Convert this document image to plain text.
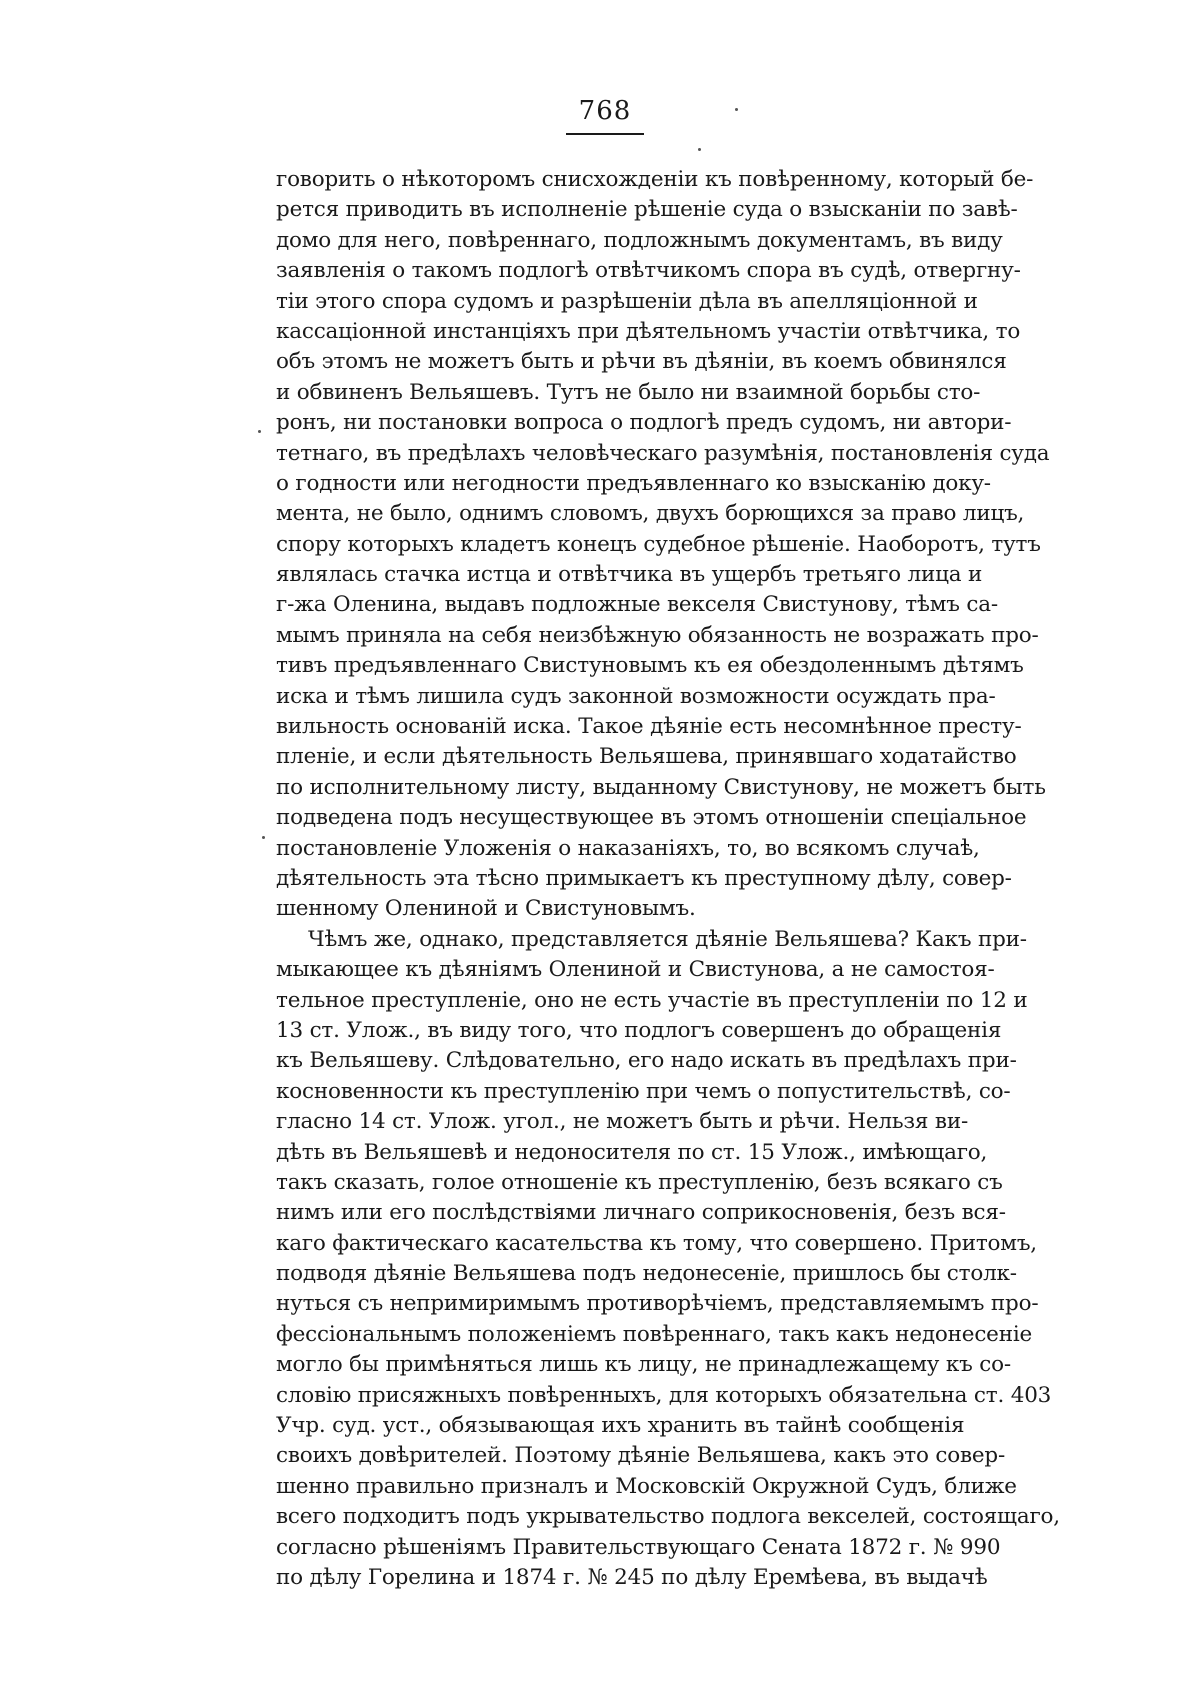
768
говорить о нѣкоторомъ снисхожденіи къ повѣренному, который бе-
рется приводить въ исполненіе рѣшеніе суда о взысканіи по завѣ-
домо для него, повѣреннаго, подложнымъ документамъ, въ виду
заявленія о такомъ подлогѣ отвѣтчикомъ спора въ судѣ, отвергну-
тіи этого спора судомъ и разрѣшеніи дѣла въ апелляціонной и
кассаціонной инстанціяхъ при дѣятельномъ участіи отвѣтчика, то
объ этомъ не можетъ быть и рѣчи въ дѣяніи, въ коемъ обвинялся
и обвиненъ Вельяшевъ. Тутъ не было ни взаимной борьбы сто-
ронъ, ни постановки вопроса о подлогѣ предъ судомъ, ни автори-
тетнаго, въ предѣлахъ человѣческаго разумѣнія, постановленія суда
о годности или негодности предъявленнаго ко взысканію доку-
мента, не было, однимъ словомъ, двухъ борющихся за право лицъ,
спору которыхъ кладетъ конецъ судебное рѣшеніе. Наоборотъ, тутъ
являлась стачка истца и отвѣтчика въ ущербъ третьяго лица и
г-жа Оленина, выдавъ подложные векселя Свистунову, тѣмъ са-
мымъ приняла на себя неизбѣжную обязанность не возражать про-
тивъ предъявленнаго Свистуновымъ къ ея обездоленнымъ дѣтямъ
иска и тѣмъ лишила судъ законной возможности осуждать пра-
вильность основаній иска. Такое дѣяніе есть несомнѣнное престу-
пленіе, и если дѣятельность Вельяшева, принявшаго ходатайство
по исполнительному листу, выданному Свистунову, не можетъ быть
подведена подъ несуществующее въ этомъ отношеніи спеціальное
постановленіе Уложенія о наказаніяхъ, то, во всякомъ случаѣ,
дѣятельность эта тѣсно примыкаетъ къ преступному дѣлу, совер-
шенному Олениной и Свистуновымъ.
Чѣмъ же, однако, представляется дѣяніе Вельяшева? Какъ при-
мыкающее къ дѣяніямъ Олениной и Свистунова, а не самостоя-
тельное преступленіе, оно не есть участіе въ преступленіи по 12 и
13 ст. Улож., въ виду того, что подлогъ совершенъ до обращенія
къ Вельяшеву. Слѣдовательно, его надо искать въ предѣлахъ при-
косновенности къ преступленію при чемъ о попустительствѣ, со-
гласно 14 ст. Улож. угол., не можетъ быть и рѣчи. Нельзя ви-
дѣть въ Вельяшевѣ и недоносителя по ст. 15 Улож., имѣющаго,
такъ сказать, голое отношеніе къ преступленію, безъ всякаго съ
нимъ или его послѣдствіями личнаго соприкосновенія, безъ вся-
каго фактическаго касательства къ тому, что совершено. Притомъ,
подводя дѣяніе Вельяшева подъ недонесеніе, пришлось бы столк-
нуться съ непримиримымъ противорѣчіемъ, представляемымъ про-
фессіональнымъ положеніемъ повѣреннаго, такъ какъ недонесеніе
могло бы примѣняться лишь къ лицу, не принадлежащему къ со-
словію присяжныхъ повѣренныхъ, для которыхъ обязательна ст. 403
Учр. суд. уст., обязывающая ихъ хранить въ тайнѣ сообщенія
своихъ довѣрителей. Поэтому дѣяніе Вельяшева, какъ это совер-
шенно правильно призналъ и Московскій Окружной Судъ, ближе
всего подходитъ подъ укрывательство подлога векселей, состоящаго,
согласно рѣшеніямъ Правительствующаго Сената 1872 г. № 990
по дѣлу Горелина и 1874 г. № 245 по дѣлу Еремѣева, въ выдачѣ
